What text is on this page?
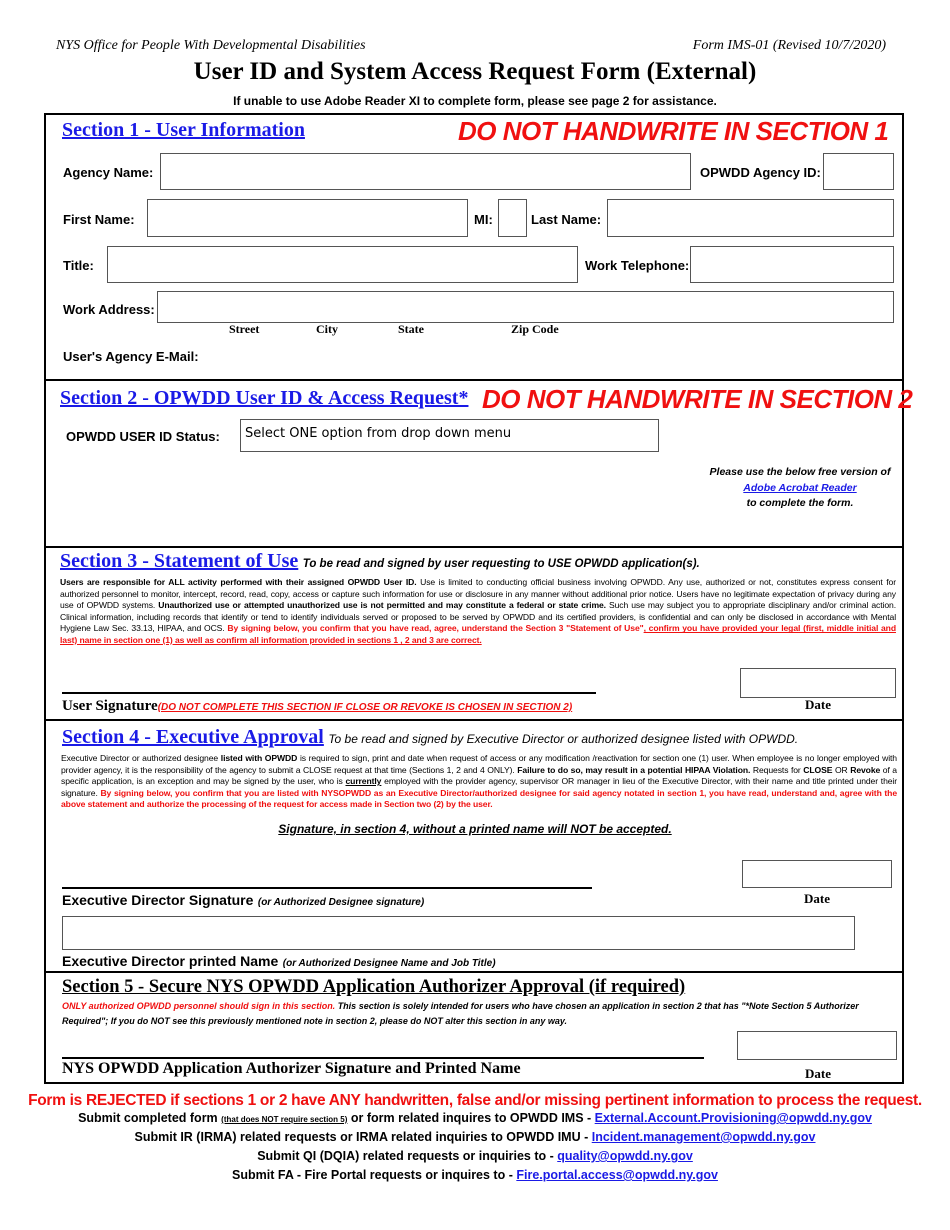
NYS Office for People With Developmental Disabilities	Form IMS-01 (Revised 10/7/2020)
User ID and System Access Request Form (External)
If unable to use Adobe Reader XI to complete form, please see page 2 for assistance.
Section 1 - User Information	DO NOT HANDWRITE IN SECTION 1
Agency Name:	OPWDD Agency ID:
First Name:	MI:	Last Name:
Title:	Work Telephone:
Work Address:
Street	City	State	Zip Code
User's Agency E-Mail:
Section 2 - OPWDD User ID & Access Request* DO NOT HANDWRITE IN SECTION 2
OPWDD USER ID Status:	Select ONE option from drop down menu
Please use the below free version of
Adobe Acrobat Reader
to complete the form.
Section 3 - Statement of Use To be read and signed by user requesting to USE OPWDD application(s).
Users are responsible for ALL activity performed with their assigned OPWDD User ID. Use is limited to conducting official business involving OPWDD. Any use, authorized or not, constitutes express consent for authorized personnel to monitor, intercept, record, read, copy, access or capture such information for use or disclosure in any manner without additional prior notice. Users have no legitimate expectation of privacy during any use of OPWDD systems. Unauthorized use or attempted unauthorized use is not permitted and may constitute a federal or state crime. Such use may subject you to appropriate disciplinary and/or criminal action. Clinical information, including records that identify or tend to identify individuals served or proposed to be served by OPWDD and its certified providers, is confidential and can only be disclosed in accordance with Mental Hygiene Law Sec. 33.13, HIPAA, and OCS. By signing below, you confirm that you have read, agree, understand the Section 3 "Statement of Use", confirm you have provided your legal (first, middle initial and last) name in section one (1) as well as confirm all information provided in sections 1 , 2 and 3 are correct.
Date
User Signature(DO NOT COMPLETE THIS SECTION IF CLOSE OR REVOKE IS CHOSEN IN SECTION 2)
Section 4 - Executive Approval To be read and signed by Executive Director or authorized designee listed with OPWDD.
Executive Director or authorized designee listed with OPWDD is required to sign, print and date when request of access or any modification /reactivation for section one (1) user. When employee is no longer employed with provider agency, it is the responsibility of the agency to submit a CLOSE request at that time (Sections 1, 2 and 4 ONLY). Failure to do so, may result in a potential HIPAA Violation. Requests for CLOSE OR Revoke of a specific application, is an exception and may be signed by the user, who is currently employed with the provider agency, supervisor OR manager in lieu of the Executive Director, with their name and title printed under their signature. By signing below, you confirm that you are listed with NYSOPWDD as an Executive Director/authorized designee for said agency notated in section 1, you have read, understand and, agree with the above statement and authorize the processing of the request for access made in Section two (2) by the user.
Signature, in section 4, without a printed name will NOT be accepted.
Date
Executive Director Signature (or Authorized Designee signature)
Executive Director printed Name (or Authorized Designee Name and Job Title)
Section 5 - Secure NYS OPWDD Application Authorizer Approval (if required)
ONLY authorized OPWDD personnel should sign in this section. This section is solely intended for users who have chosen an application in section 2 that has "*Note Section 5 Authorizer Required"; If you do NOT see this previously mentioned note in section 2, please do NOT alter this section in any way.
Date
NYS OPWDD Application Authorizer Signature and Printed Name
Form is REJECTED if sections 1 or 2 have ANY handwritten, false and/or missing pertinent information to process the request.
Submit completed form (that does NOT require section 5) or form related inquires to OPWDD IMS - External.Account.Provisioning@opwdd.ny.gov
Submit IR (IRMA) related requests or IRMA related inquiries to OPWDD IMU - Incident.management@opwdd.ny.gov
Submit QI (DQIA) related requests or inquiries to - quality@opwdd.ny.gov
Submit FA - Fire Portal requests or inquires to - Fire.portal.access@opwdd.ny.gov
